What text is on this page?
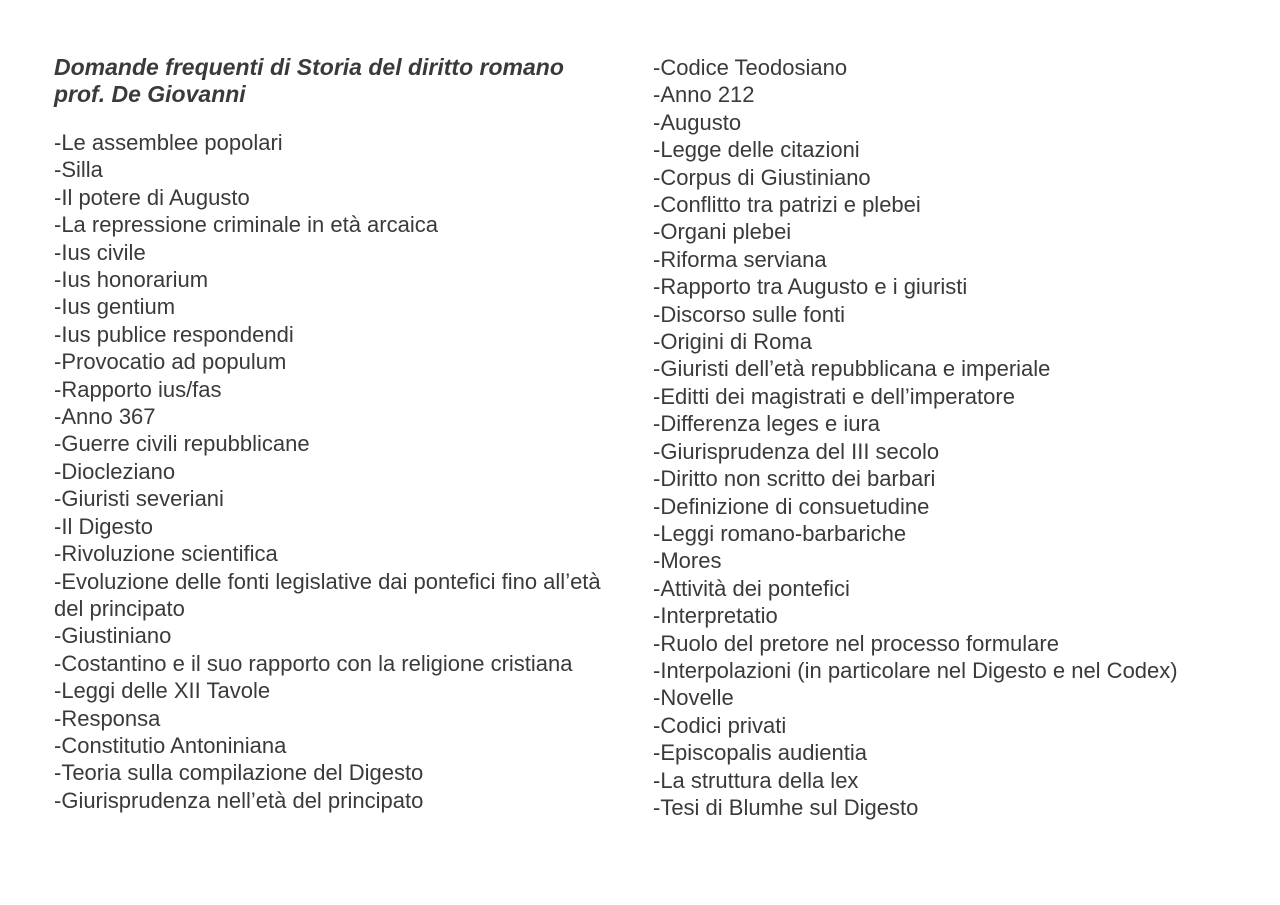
Domande frequenti di Storia del diritto romano prof. De Giovanni
-Le assemblee popolari
-Silla
-Il potere di Augusto
-La repressione criminale in età arcaica
-Ius civile
-Ius honorarium
-Ius gentium
-Ius publice respondendi
-Provocatio ad populum
-Rapporto ius/fas
-Anno 367
-Guerre civili repubblicane
-Diocleziano
-Giuristi severiani
-Il Digesto
-Rivoluzione scientifica
-Evoluzione delle fonti legislative dai pontefici fino all’età del principato
-Giustiniano
-Costantino e il suo rapporto con la religione cristiana
-Leggi delle XII Tavole
-Responsa
-Constitutio Antoniniana
-Teoria sulla compilazione del Digesto
-Giurisprudenza nell’età del principato
-Codice Teodosiano
-Anno 212
-Augusto
-Legge delle citazioni
-Corpus di Giustiniano
-Conflitto tra patrizi e plebei
-Organi plebei
-Riforma serviana
-Rapporto tra Augusto e i giuristi
-Discorso sulle fonti
-Origini di Roma
-Giuristi dell’età repubblicana e imperiale
-Editti dei magistrati e dell’imperatore
-Differenza leges e iura
-Giurisprudenza del III secolo
-Diritto non scritto dei barbari
-Definizione di consuetudine
-Leggi romano-barbariche
-Mores
-Attività dei pontefici
-Interpretatio
-Ruolo del pretore nel processo formulare
-Interpolazioni (in particolare nel Digesto e nel Codex)
-Novelle
-Codici privati
-Episcopalis audientia
-La struttura della lex
-Tesi di Blumhe sul Digesto
